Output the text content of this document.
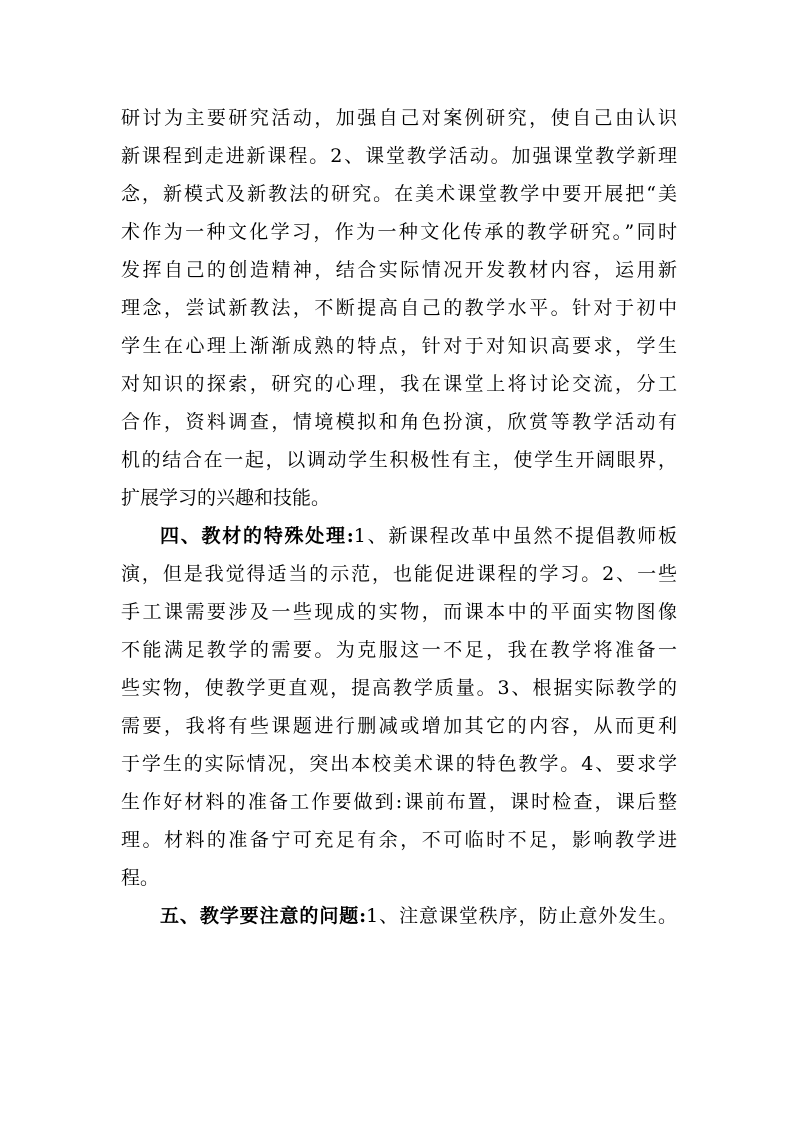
研讨为主要研究活动，加强自己对案例研究，使自己由认识
新课程到走进新课程。2、课堂教学活动。加强课堂教学新理
念，新模式及新教法的研究。在美术课堂教学中要开展把“美
术作为一种文化学习，作为一种文化传承的教学研究。”同时
发挥自己的创造精神，结合实际情况开发教材内容，运用新
理念，尝试新教法，不断提高自己的教学水平。针对于初中
学生在心理上渐渐成熟的特点，针对于对知识高要求，学生
对知识的探索，研究的心理，我在课堂上将讨论交流，分工
合作，资料调查，情境模拟和角色扮演，欣赏等教学活动有
机的结合在一起，以调动学生积极性有主，使学生开阔眼界，
扩展学习的兴趣和技能。
四、教材的特殊处理:1、新课程改革中虽然不提倡教师板
演，但是我觉得适当的示范，也能促进课程的学习。2、一些
手工课需要涉及一些现成的实物，而课本中的平面实物图像
不能满足教学的需要。为克服这一不足，我在教学将准备一
些实物，使教学更直观，提高教学质量。3、根据实际教学的
需要，我将有些课题进行删减或增加其它的内容，从而更利
于学生的实际情况，突出本校美术课的特色教学。4、要求学
生作好材料的准备工作要做到:课前布置，课时检查，课后整
理。材料的准备宁可充足有余，不可临时不足，影响教学进
程。
五、教学要注意的问题:1、注意课堂秩序，防止意外发生。
